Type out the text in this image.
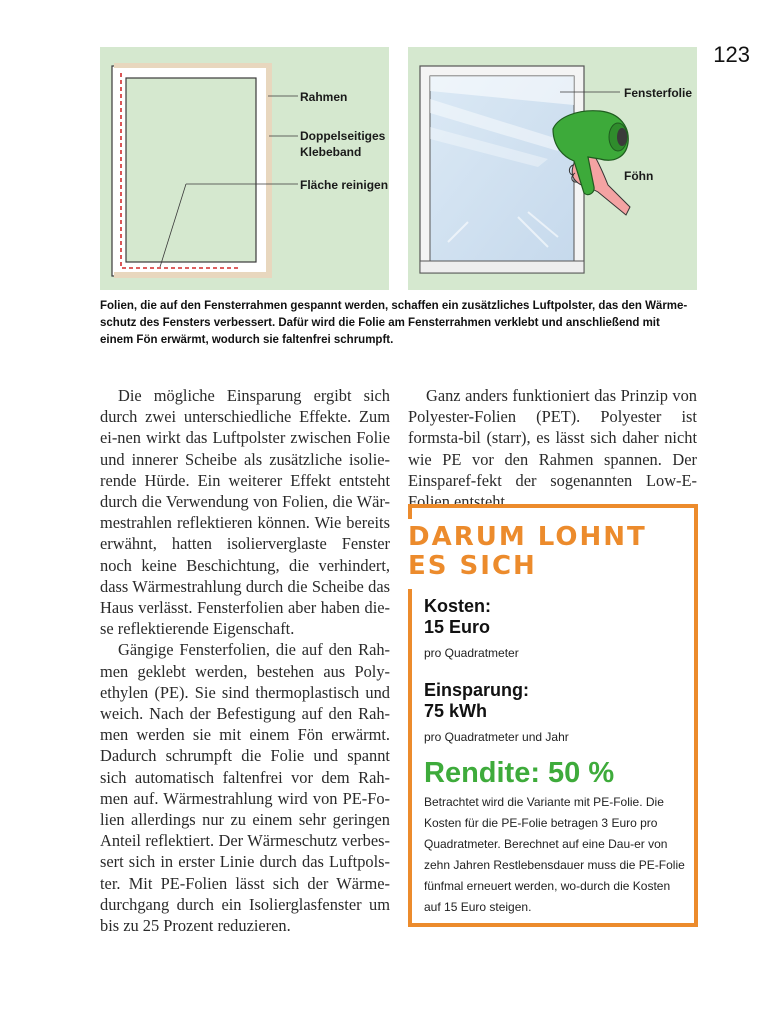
123
Rahmen
Doppelseitiges
Klebeband
Fläche reinigen
Fensterfolie
Föhn
Folien, die auf den Fensterrahmen gespannt werden, schaffen ein zusätzliches Luftpolster, das den Wärme-schutz des Fensters verbessert. Dafür wird die Folie am Fensterrahmen verklebt und anschließend mit einem Fön erwärmt, wodurch sie faltenfrei schrumpft.

Die mögliche Einsparung ergibt sich durch zwei unterschiedliche Effekte. Zum ei-nen wirkt das Luftpolster zwischen Folie und innerer Scheibe als zusätzliche isolie-rende Hürde. Ein weiterer Effekt entsteht durch die Verwendung von Folien, die Wär-mestrahlen reflektieren können. Wie bereits erwähnt, hatten isolierverglaste Fenster noch keine Beschichtung, die verhindert, dass Wärmestrahlung durch die Scheibe das Haus verlässt. Fensterfolien aber haben die-se reflektierende Eigenschaft.

Gängige Fensterfolien, die auf den Rah-men geklebt werden, bestehen aus Poly-ethylen (PE). Sie sind thermoplastisch und weich. Nach der Befestigung auf den Rah-men werden sie mit einem Fön erwärmt. Dadurch schrumpft die Folie und spannt sich automatisch faltenfrei vor dem Rah-men auf. Wärmestrahlung wird von PE-Fo-lien allerdings nur zu einem sehr geringen Anteil reflektiert. Der Wärmeschutz verbes-sert sich in erster Linie durch das Luftpols-ter. Mit PE-Folien lässt sich der Wärme-durchgang durch ein Isolierglasfenster um bis zu 25 Prozent reduzieren.

Ganz anders funktioniert das Prinzip von Polyester-Folien (PET). Polyester ist formsta-bil (starr), es lässt sich daher nicht wie PE vor den Rahmen spannen. Der Einsparef-fekt der sogenannten Low-E-Folien entsteht

DARUM LOHNT
ES SICH
Kosten:
15 Euro
pro Quadratmeter
Einsparung:
75 kWh
pro Quadratmeter und Jahr
Rendite: 50 %
Betrachtet wird die Variante mit PE-Folie. Die Kosten für die PE-Folie betragen 3 Euro pro Quadratmeter. Berechnet auf eine Dau-er von zehn Jahren Restlebensdauer muss die PE-Folie fünfmal erneuert werden, wo-durch die Kosten auf 15 Euro steigen.
